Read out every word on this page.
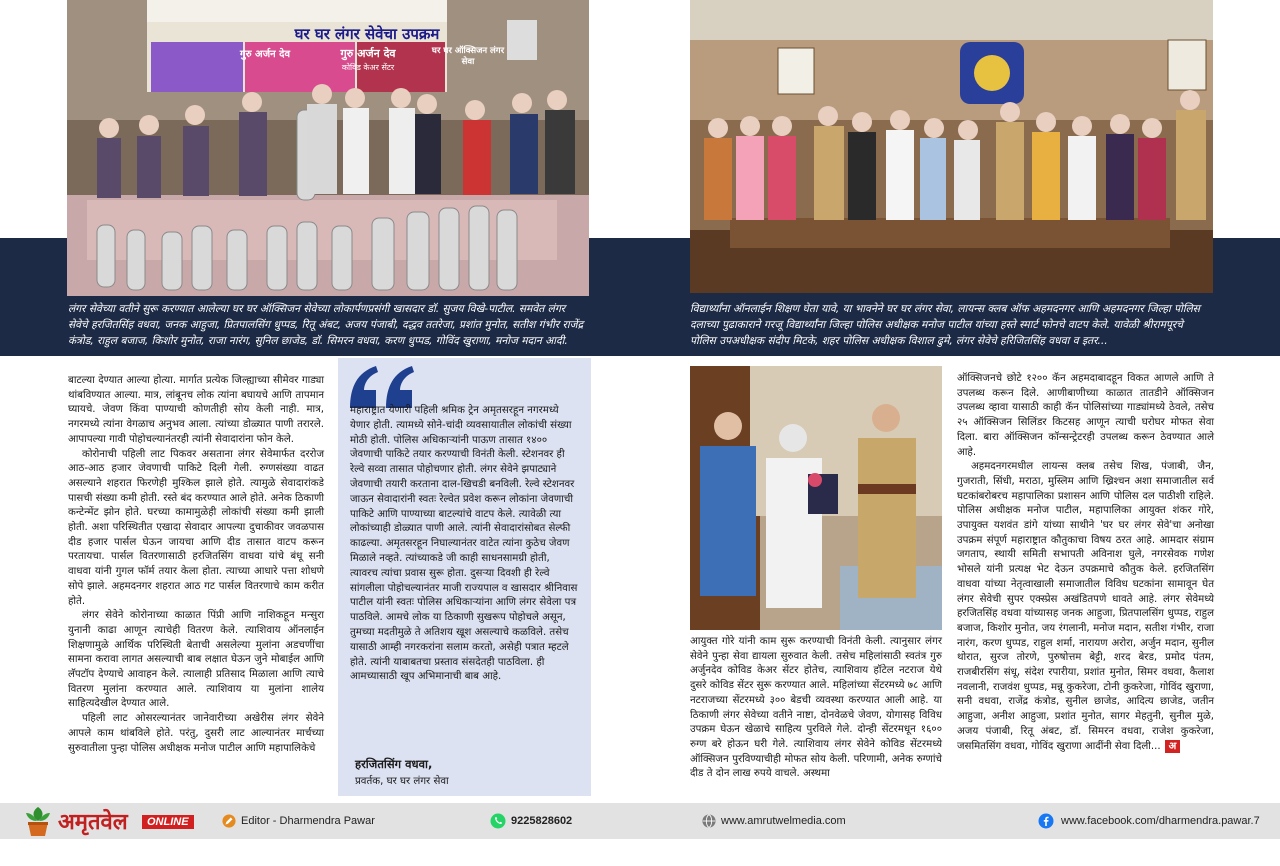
घर घर लंगर सेवेचा उपक्रम
गुरु अर्जन देव	गुरु अर्जन देव
कोविड केअर सेंटर
घर घर ऑक्सिजन लंगर सेवा

लंगर सेवेच्या वतीने सुरू करण्यात आलेल्या घर घर ऑक्सिजन सेवेच्या लोकार्पणप्रसंगी खासदार डॉ. सुजय विखे-पाटील. समवेत लंगर सेवेचे हरजितसिंह वधवा, जनक आहुजा, प्रितपालसिंग धुप्पड, रितू अंबट, अजय पंजाबी, दद्धव ततरेजा, प्रशांत मुनोत, सतीश गंभीर राजेंद्र कंत्रोड, राहुल बजाज, किशोर मुनोत, राजा नारंग, सुनिल छाजेड, डॉ. सिमरन वधवा, करण धुप्पड, गोविंद खुराणा, मनोज मदान आदी.

विद्यार्थ्यांना ऑनलाईन शिक्षण घेता यावे, या भावनेने घर घर लंगर सेवा, लायन्स क्लब ऑफ अहमदनगर आणि अहमदनगर जिल्हा पोलिस दलाच्या पुढाकाराने गरजू विद्यार्थ्यांना जिल्हा पोलिस अधीक्षक मनोज पाटील यांच्या हस्ते स्मार्ट फोनचे वाटप केले. यावेळी श्रीरामपूरचे पोलिस उपअधीक्षक संदीप मिटके, शहर पोलिस अधीक्षक विशाल ढुमे, लंगर सेवेचे हरिजितसिंह वधवा व इतर...

बाटल्या देण्यात आल्या होत्या. मार्गात प्रत्येक जिल्ह्याच्या सीमेवर गाड्या थांबविण्यात आल्या. मात्र, लांबूनच लोक त्यांना बघायचे आणि तापमान घ्यायचे. जेवण किंवा पाण्याची कोणतीही सोय केली नाही. मात्र, नगरमध्ये त्यांना वेगळाच अनुभव आला. त्यांच्या डोळ्यात पाणी तरारले. आपापल्या गावी पोहोचल्यानंतरही त्यांनी सेवादारांना फोन केले.

कोरोनाची पहिली लाट पिकवर असताना लंगर सेवेमार्फत दररोज आठ-आठ हजार जेवणाची पाकिटे दिली गेली. रुग्णसंख्या वाढत असल्याने शहरात फिरणेही मुश्किल झाले होते. त्यामुळे सेवादारांकडे पासची संख्या कमी होती. रस्ते बंद करण्यात आले होते. अनेक ठिकाणी कन्टेन्मेंट झोन होते. घरच्या कामामुळेही लोकांची संख्या कमी झाली होती. अशा परिस्थितीत एखादा सेवादार आपल्या दुचाकीवर जवळपास दीड हजार पार्सल घेऊन जायचा आणि दीड तासात वाटप करून परतायचा. पार्सल वितरणासाठी हरजितसिंग वाधवा यांचे बंधू सनी वाधवा यांनी गुगल फॉर्म तयार केला होता. त्याच्या आधारे पत्ता शोधणे सोपे झाले. अहमदनगर शहरात आठ गट पार्सल वितरणाचे काम करीत होते.

लंगर सेवेने कोरोनाच्या काळात पिंप्री आणि नाशिकहून मन्सुरा युनानी काढा आणून त्याचेही वितरण केले. त्याशिवाय ऑनलाईन शिक्षणामुळे आर्थिक परिस्थिती बेताची असलेल्या मुलांना अडचणींचा सामना करावा लागत असल्याची बाब लक्षात घेऊन जुने मोबाईल आणि लॅपटॉप देण्याचे आवाहन केले. त्यालाही प्रतिसाद मिळाला आणि त्याचे वितरण मुलांना करण्यात आले. त्याशिवाय या मुलांना शालेय साहित्यदेखील देण्यात आले.

पहिली लाट ओसरल्यानंतर जानेवारीच्या अखेरीस लंगर सेवेने आपले काम थांबविले होते. परंतु, दुसरी लाट आल्यानंतर मार्चच्या सुरुवातीला पुन्हा पोलिस अधीक्षक मनोज पाटील आणि महापालिकेचे

महाराष्ट्रात येणारी पहिली श्रमिक ट्रेन अमृतसरहून नगरमध्ये येणार होती. त्यामध्ये सोने-चांदी व्यवसायातील लोकांची संख्या मोठी होती. पोलिस अधिकाऱ्यांनी पाऊण तासात १४०० जेवणाची पाकिटे तयार करण्याची विनंती केली. स्टेशनवर ही रेल्वे सव्वा तासात पोहोचणार होती. लंगर सेवेने झपाट्याने जेवणाची तयारी करताना दाल-खिचडी बनविली. रेल्वे स्टेशनवर जाऊन सेवादारांनी स्वतः रेल्वेत प्रवेश करून लोकांना जेवणाची पाकिटे आणि पाण्याच्या बाटल्यांचे वाटप केले. त्यावेळी त्या लोकांच्याही डोळ्यात पाणी आले. त्यांनी सेवादारांसोबत सेल्फी काढल्या. अमृतसरहून निघाल्यानंतर वाटेत त्यांना कुठेच जेवण मिळाले नव्हते. त्यांच्याकडे जी काही साधनसामग्री होती, त्यावरच त्यांचा प्रवास सुरू होता. दुसऱ्या दिवशी ही रेल्वे सांगलीला पोहोचल्यानंतर माजी राज्यपाल व खासदार श्रीनिवास पाटील यांनी स्वतः पोलिस अधिकाऱ्यांना आणि लंगर सेवेला पत्र पाठविले. आमचे लोक या ठिकाणी सुखरूप पोहोचले असून, तुमच्या मदतीमुळे ते अतिशय खूश असल्याचे कळविले. तसेच यासाठी आम्ही नगरकरांना सलाम करतो, असेही पत्रात म्हटले होते. त्यांनी याबाबतचा प्रस्ताव संसदेतही पाठविला. ही आमच्यासाठी खूप अभिमानाची बाब आहे.

हरजितसिंग वधवा,
प्रवर्तक, घर घर लंगर सेवा

आयुक्त गोरे यांनी काम सुरू करण्याची विनंती केली. त्यानुसार लंगर सेवेने पुन्हा सेवा द्यायला सुरुवात केली. तसेच महिलांसाठी स्वतंत्र गुरु अर्जुनदेव कोविड केअर सेंटर होतेच, त्याशिवाय हॉटेल नटराज येथे दुसरे कोविड सेंटर सुरू करण्यात आले. महिलांच्या सेंटरमध्ये ७८ आणि नटराजच्या सेंटरमध्ये ३०० बेडची व्यवस्था करण्यात आली आहे. या ठिकाणी लंगर सेवेच्या वतीने नाष्टा, दोनवेळचे जेवण, योगासह विविध उपक्रम घेऊन खेळाचे साहित्य पुरविले गेले. दोन्ही सेंटरमधून १६०० रुग्ण बरे होऊन घरी गेले. त्याशिवाय लंगर सेवेने कोविड सेंटरमध्ये ऑक्सिजन पुरविण्याचीही मोफत सोय केली. परिणामी, अनेक रुग्णांचे दीड ते दोन लाख रुपये वाचले. अस्थमा

ऑक्सिजनचे छोटे १२०० कॅन अहमदाबादहून विकत आणले आणि ते उपलब्ध करून दिले. आणीबाणीच्या काळात तातडीने ऑक्सिजन उपलब्ध व्हावा यासाठी काही कॅन पोलिसांच्या गाड्यांमध्ये ठेवले, तसेच २५ ऑक्सिजन सिलिंडर किटसह आणून त्याची घरोघर मोफत सेवा दिला. बारा ऑक्सिजन कॉन्सन्ट्रेटरही उपलब्ध करून ठेवण्यात आले आहे.

अहमदनगरमधील लायन्स क्लब तसेच शिख, पंजाबी, जैन, गुजराती, सिंधी, मराठा, मुस्लिम आणि ख्रिश्चन अशा समाजातील सर्व घटकांबरोबरच महापालिका प्रशासन आणि पोलिस दल पाठीशी राहिले. पोलिस अधीक्षक मनोज पाटील, महापालिका आयुक्त शंकर गोरे, उपायुक्त यशवंत डांगे यांच्या साथीने 'घर घर लंगर सेवे'चा अनोखा उपक्रम संपूर्ण महाराष्ट्रात कौतुकाचा विषय ठरत आहे. आमदार संग्राम जगताप, स्थायी समिती सभापती अविनाश घुले, नगरसेवक गणेश भोसले यांनी प्रत्यक्ष भेट देऊन उपक्रमाचे कौतुक केले. हरजितसिंग वाधवा यांच्या नेतृत्वाखाली समाजातील विविध घटकांना सामावून घेत लंगर सेवेची सुपर एक्स्प्रेस अखंडितपणे धावते आहे. लंगर सेवेमध्ये हरजितसिंह वधवा यांच्यासह जनक आहुजा, प्रितपालसिंग धुप्पड, राहुल बजाज, किशोर मुनोत, जय रंगलानी, मनोज मदान, सतीश गंभीर, राजा नारंग, करण धुप्पड, राहुल शर्मा, नारायण अरोरा, अर्जुन मदान, सुनील थोरात, सुरज तोरणे, पुरुषोत्तम बेट्टी, शरद बेरड, प्रमोद पंतम, राजबीरसिंग संधू, संदेश रपारीया, प्रशांत मुनोत, सिमर वधवा, कैलाश नवलानी, राजवंश धुप्पड, मन्नू कुकरेजा, टोनी कुकरेजा, गोविंद खुराणा, सनी वधवा, राजेंद्र कंत्रोड, सुनील छाजेड, आदित्य छाजेड, जतीन आहुजा, अनीश आहुजा, प्रशांत मुनोत, सागर मेहतुनी, सुनील मुळे, अजय पंजाबी, रितू अंबट, डॉ. सिमरन वधवा, राजेश कुकरेजा, जसमितसिंग वधवा, गोविंद खुराणा आदींनी सेवा दिली... अ

अमृतवेल	ONLINE	Editor - Dharmendra Pawar	9225828602	www.amrutwelmedia.com	www.facebook.com/dharmendra.pawar.7
